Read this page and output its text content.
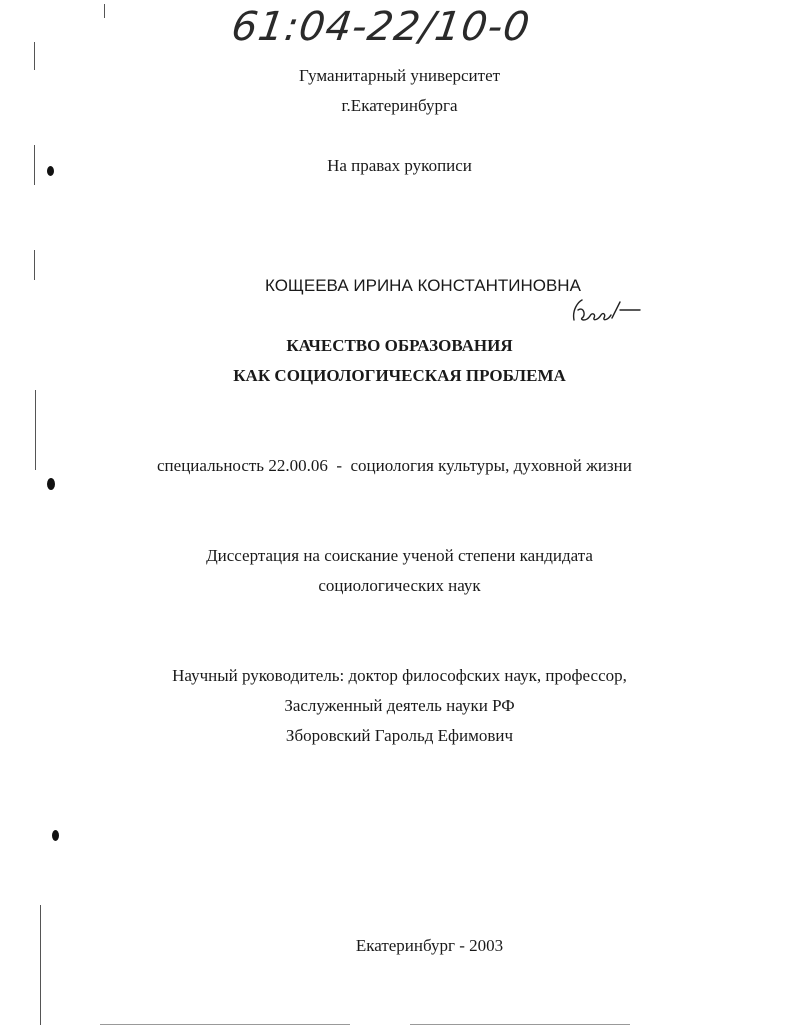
61:04-22/10-0
Гуманитарный университет
г.Екатеринбурга
На правах рукописи
КОЩЕЕВА ИРИНА КОНСТАНТИНОВНА
КАЧЕСТВО ОБРАЗОВАНИЯ
КАК СОЦИОЛОГИЧЕСКАЯ ПРОБЛЕМА
специальность 22.00.06  -  социология культуры, духовной жизни
Диссертация на соискание ученой степени кандидата
социологических наук
Научный руководитель: доктор философских наук, профессор,
Заслуженный деятель науки РФ
Зборовский Гарольд Ефимович
Екатеринбург - 2003
